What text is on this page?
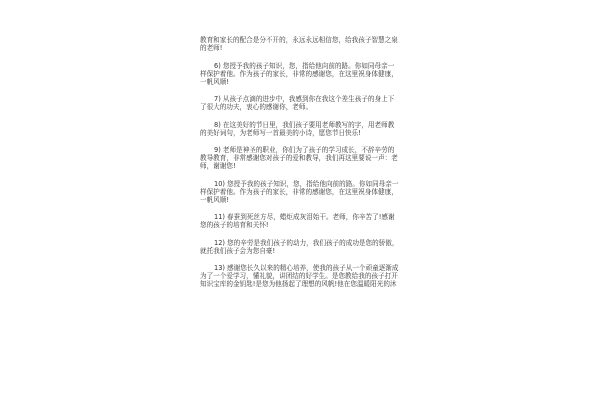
教育和家长的配合是分不开的，永远永远相信您，给我孩子智慧之泉

的老师!

6) 您授予我的孩子知识，您，指给他向前的路。你如同母亲一

样保护着他。作为孩子的家长，非常的感谢您，在这里祝身体健康，

一帆风顺!

7) 从孩子点滴的进步中，我感到你在我这个差生孩子的身上下

了很大的功夫，衷心的感谢你，老师。

8) 在这美好的节日里，我们孩子要用老师教写的字，用老师教

的美好词句，为老师写一首最美的小诗，愿您节日快乐!

9) 老师是神圣的职业，你们为了孩子的学习成长，不辞辛劳的

教导教育，非常感谢您对孩子的爱和教导，我们再这里要说一声：老

师，谢谢您!

10) 您授予我的孩子知识，您，指给他向前的路。你如同母亲一

样保护着他。作为孩子的家长，非常的感谢您，在这里祝身体健康，

一帆风顺!

11) 春蚕到死丝方尽，蜡炬成灰泪始干。老师，你辛苦了!感谢

您的孩子的培育和关怀!

12) 您的辛劳是我们孩子的动力，我们孩子的成功是您的骄傲，

就托我们孩子会为您自豪!

13) 感谢您长久以来的精心培养，使我的孩子从一个顽童逐渐成

为了一个爱学习，懂礼貌，讲团结的好学生。是您教给我的孩子打开

知识宝库的金钥匙!是您为他扬起了理想的风帆!他在您温暖阳光的沐
